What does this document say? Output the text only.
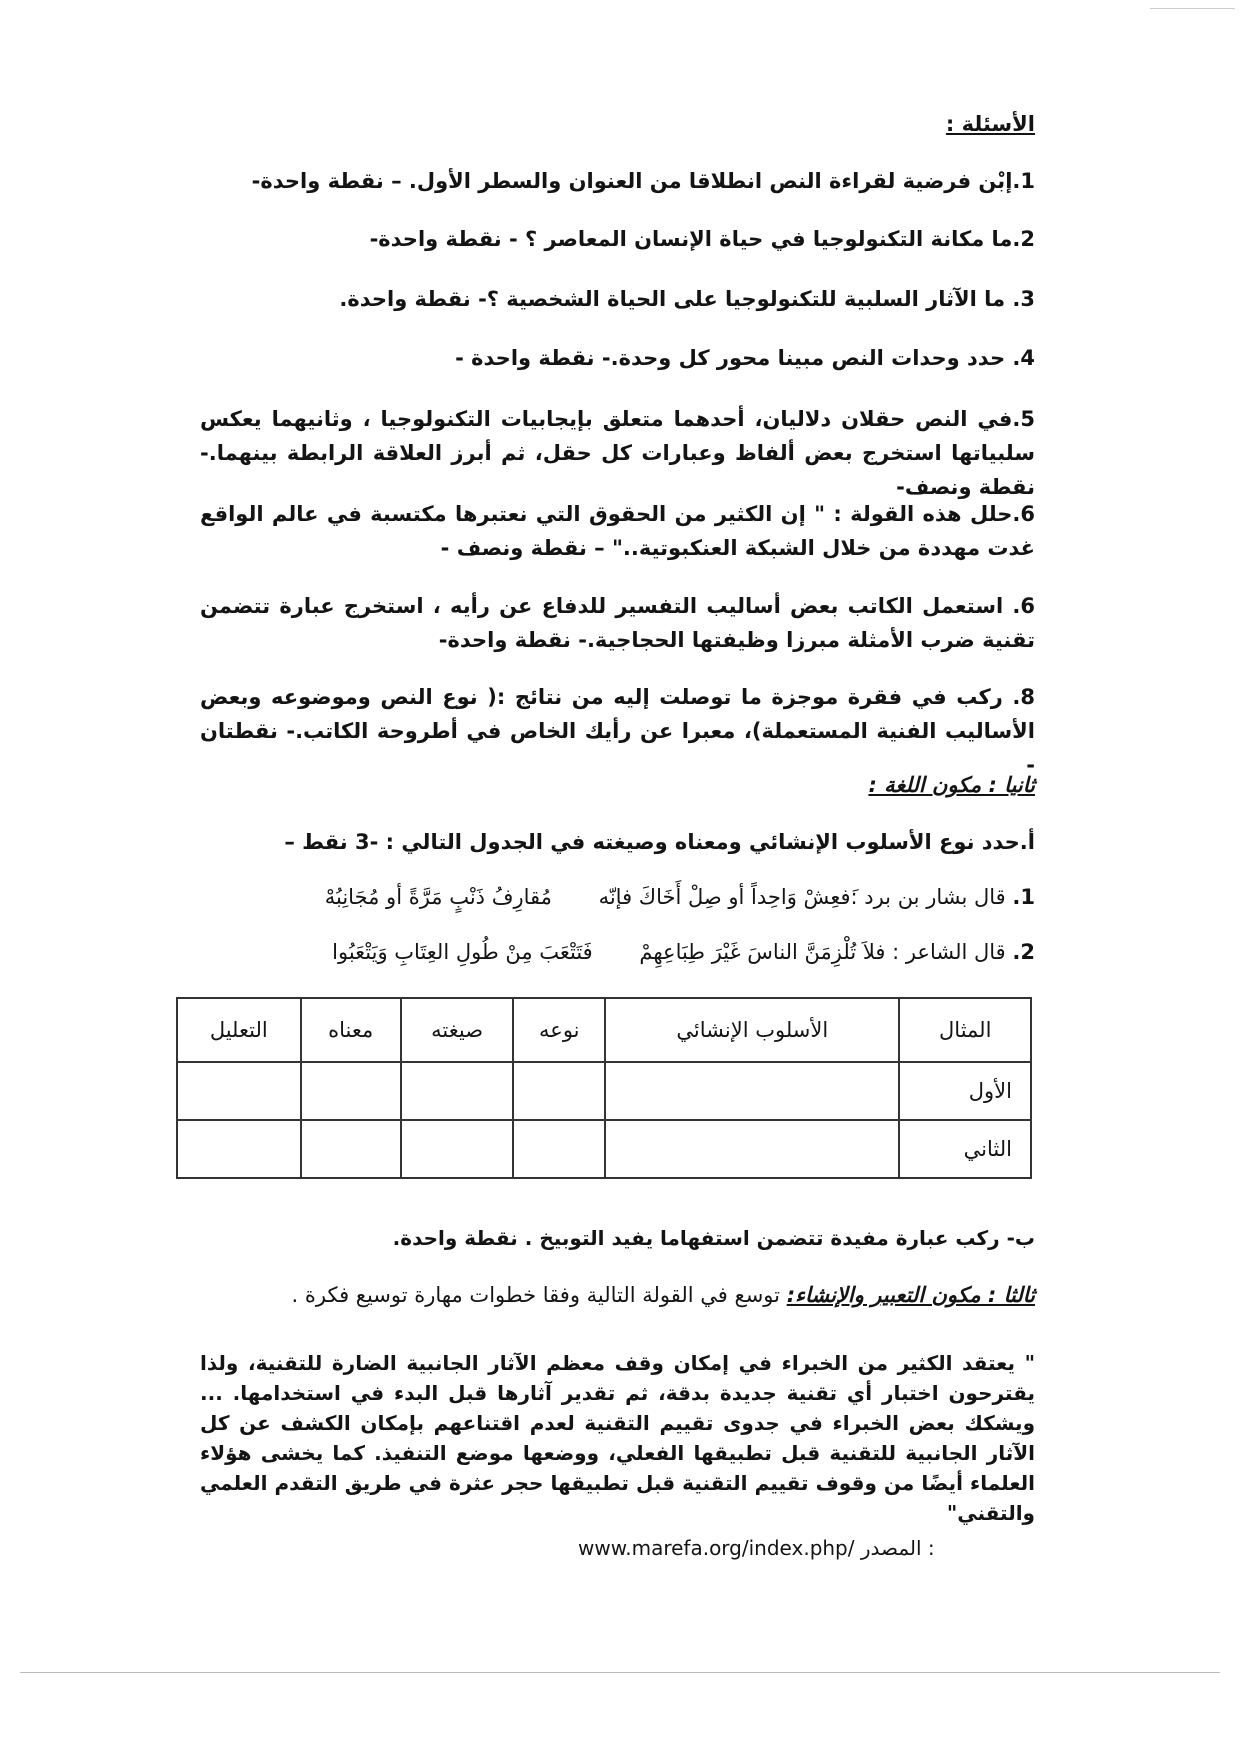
الأسئلة :
1.إبْن فرضية لقراءة النص انطلاقا من العنوان والسطر الأول. – نقطة واحدة-
2.ما مكانة التكنولوجيا في حياة الإنسان المعاصر ؟ - نقطة واحدة-
3. ما الآثار السلبية للتكنولوجيا على الحياة الشخصية ؟- نقطة واحدة.
4. حدد وحدات النص مبينا محور كل وحدة.- نقطة واحدة -
5.في النص حقلان دلاليان، أحدهما متعلق بإيجابيات التكنولوجيا ، وثانيهما يعكس سلبياتها استخرج بعض ألفاظ وعبارات كل حقل، ثم أبرز العلاقة الرابطة بينهما.- نقطة ونصف-
6.حلل هذه القولة : " إن الكثير من الحقوق التي نعتبرها مكتسبة في عالم الواقع غدت مهددة من خلال الشبكة العنكبوتية.." – نقطة ونصف -
6. استعمل الكاتب بعض أساليب التفسير للدفاع عن رأيه ، استخرج عبارة تتضمن تقنية ضرب الأمثلة مبرزا وظيفتها الحجاجية.- نقطة واحدة-
8. ركب في فقرة موجزة ما توصلت إليه من نتائج :( نوع النص وموضوعه وبعض الأساليب الفنية المستعملة)، معبرا عن رأيك الخاص في أطروحة الكاتب.- نقطتان -
ثانيا : مكون اللغة :
أ.حدد نوع الأسلوب الإنشائي ومعناه وصيغته في الجدول التالي : -3 نقط –
1. قال بشار بن برد :َفعِشْ وَاحِداً أو صِلْ أَخَاكَ فإنّه مُقارِفُ ذَنْبٍ مَرَّةً أو مُجَانِبُهْ
2. قال الشاعر : فلاَ تُلْزِمَنَّ الناسَ غَيْرَ طِبَاعِهِمْ فَتَتْعَبَ مِنْ طُولِ العِتَابِ وَيَتْعَبُوا
المثال	الأسلوب الإنشائي	نوعه	صيغته	معناه	التعليل
الأول					
الثاني					
ب- ركب عبارة مفيدة تتضمن استفهاما يفيد التوبيخ . نقطة واحدة.
ثالثا : مكون التعبير والإنشاء: توسع في القولة التالية وفقا خطوات مهارة توسيع فكرة .
" يعتقد الكثير من الخبراء في إمكان وقف معظم الآثار الجانبية الضارة للتقنية، ولذا يقترحون اختبار أي تقنية جديدة بدقة، ثم تقدير آثارها قبل البدء في استخدامها. ... ويشكك بعض الخبراء في جدوى تقييم التقنية لعدم اقتناعهم بإمكان الكشف عن كل الآثار الجانبية للتقنية قبل تطبيقها الفعلي، ووضعها موضع التنفيذ. كما يخشى هؤلاء العلماء أيضًا من وقوف تقييم التقنية قبل تطبيقها حجر عثرة في طريق التقدم العلمي والتقني"
www.marefa.org/index.php/ المصدر :
